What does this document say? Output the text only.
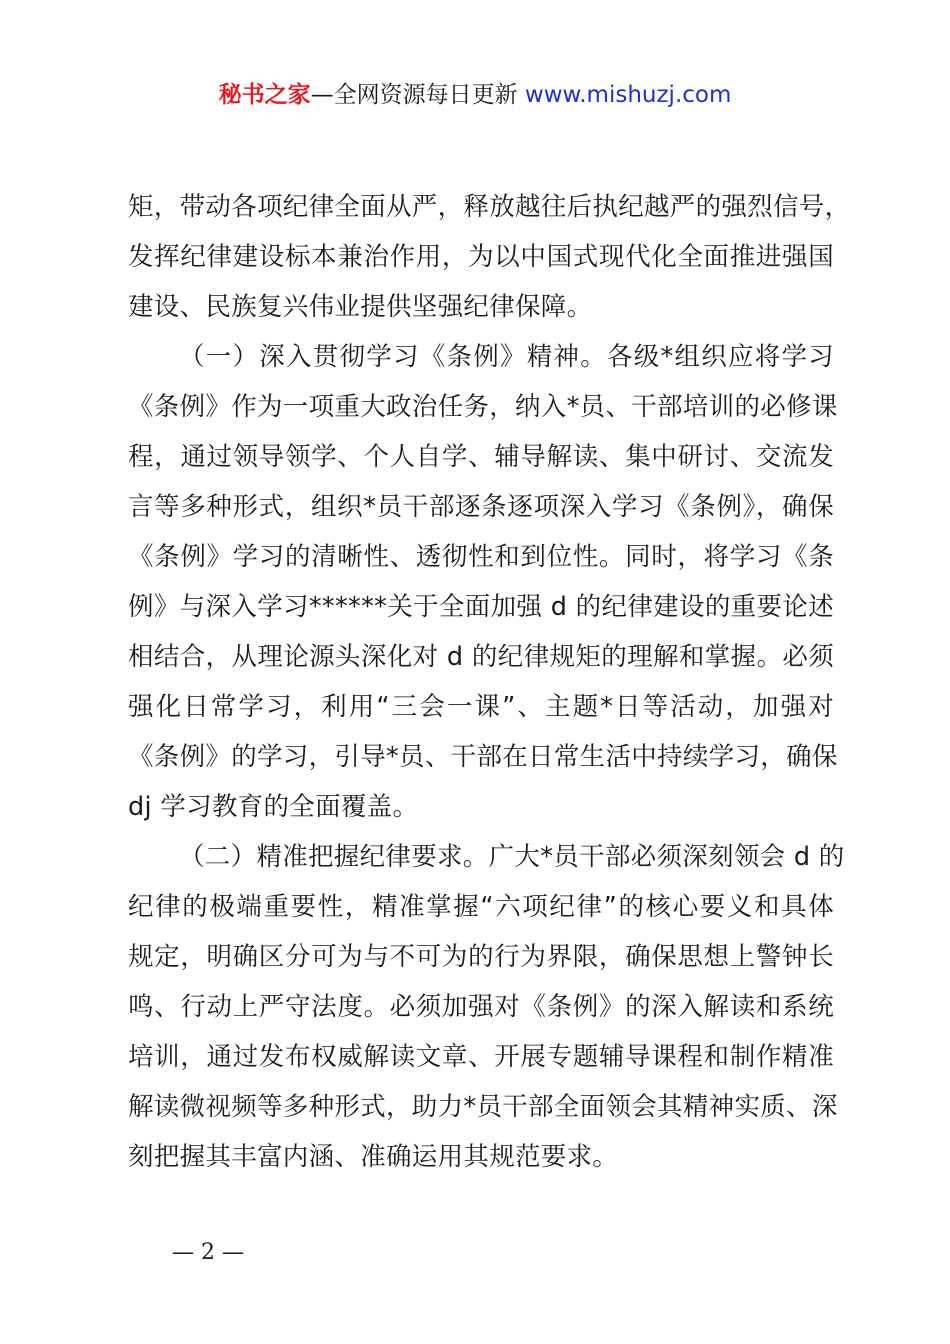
秘书之家—全网资源每日更新 www.mishuzj.com
矩，带动各项纪律全面从严，释放越往后执纪越严的强烈信号，
发挥纪律建设标本兼治作用，为以中国式现代化全面推进强国
建设、民族复兴伟业提供坚强纪律保障。
（一）深入贯彻学习《条例》精神。各级*组织应将学习
《条例》作为一项重大政治任务，纳入*员、干部培训的必修课
程，通过领导领学、个人自学、辅导解读、集中研讨、交流发
言等多种形式，组织*员干部逐条逐项深入学习《条例》，确保
《条例》学习的清晰性、透彻性和到位性。同时，将学习《条
例》与深入学习******关于全面加强 d 的纪律建设的重要论述
相结合，从理论源头深化对 d 的纪律规矩的理解和掌握。必须
强化日常学习，利用“三会一课”、主题*日等活动，加强对
《条例》的学习，引导*员、干部在日常生活中持续学习，确保
dj 学习教育的全面覆盖。
（二）精准把握纪律要求。广大*员干部必须深刻领会 d 的
纪律的极端重要性，精准掌握“六项纪律”的核心要义和具体
规定，明确区分可为与不可为的行为界限，确保思想上警钟长
鸣、行动上严守法度。必须加强对《条例》的深入解读和系统
培训，通过发布权威解读文章、开展专题辅导课程和制作精准
解读微视频等多种形式，助力*员干部全面领会其精神实质、深
刻把握其丰富内涵、准确运用其规范要求。
— 2 —
